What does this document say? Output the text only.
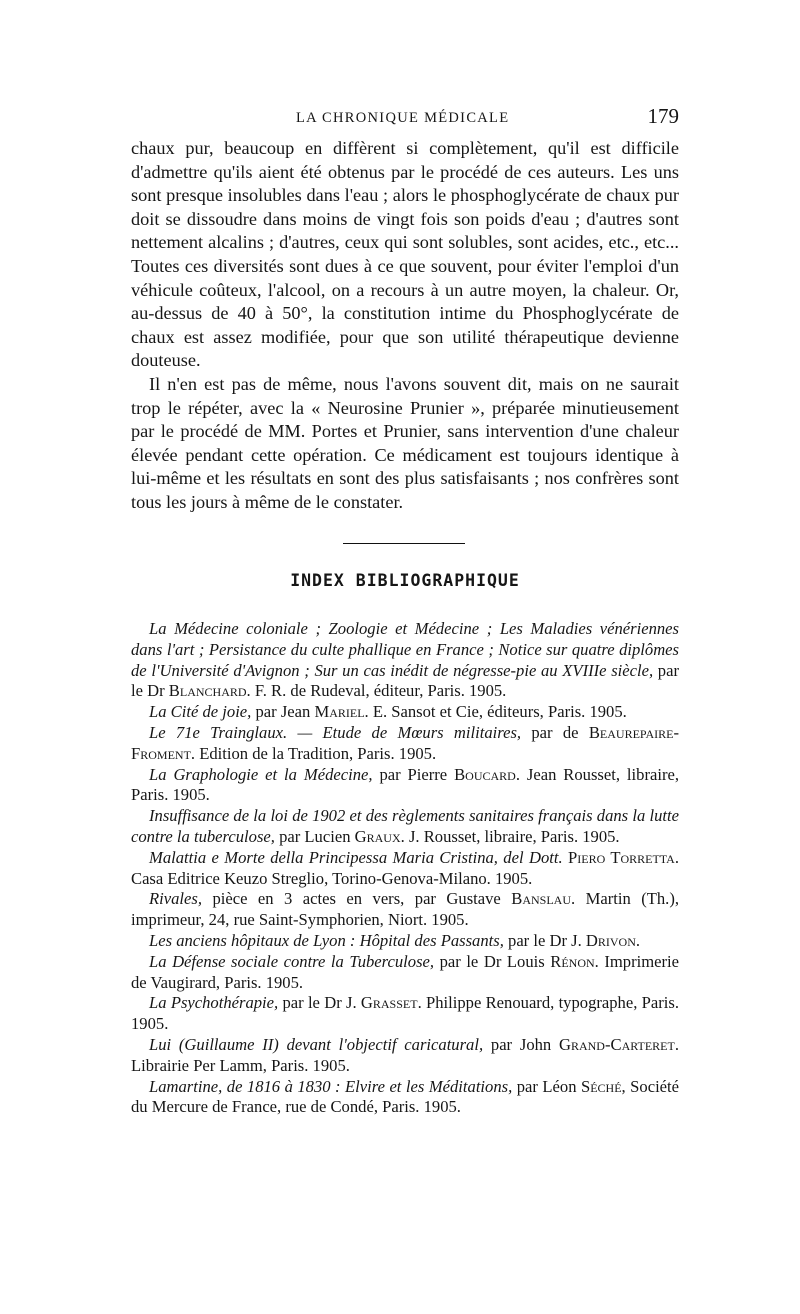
LA CHRONIQUE MÉDICALE	179

chaux pur, beaucoup en diffèrent si complètement, qu'il est difficile d'admettre qu'ils aient été obtenus par le procédé de ces auteurs. Les uns sont presque insolubles dans l'eau ; alors le phosphoglycérate de chaux pur doit se dissoudre dans moins de vingt fois son poids d'eau ; d'autres sont nettement alcalins ; d'autres, ceux qui sont solubles, sont acides, etc., etc... Toutes ces diversités sont dues à ce que souvent, pour éviter l'emploi d'un véhicule coûteux, l'alcool, on a recours à un autre moyen, la chaleur. Or, au-dessus de 40 à 50°, la constitution intime du Phosphoglycérate de chaux est assez modifiée, pour que son utilité thérapeutique devienne douteuse.

Il n'en est pas de même, nous l'avons souvent dit, mais on ne saurait trop le répéter, avec la « Neurosine Prunier », préparée minutieusement par le procédé de MM. Portes et Prunier, sans intervention d'une chaleur élevée pendant cette opération. Ce médicament est toujours identique à lui-même et les résultats en sont des plus satisfaisants ; nos confrères sont tous les jours à même de le constater.

INDEX BIBLIOGRAPHIQUE

La Médecine coloniale ; Zoologie et Médecine ; Les Maladies vénériennes dans l'art ; Persistance du culte phallique en France ; Notice sur quatre diplômes de l'Université d'Avignon ; Sur un cas inédit de négresse-pie au XVIIIe siècle, par le Dr Blanchard. F. R. de Rudeval, éditeur, Paris. 1905.

La Cité de joie, par Jean Mariel. E. Sansot et Cie, éditeurs, Paris. 1905.

Le 71e Trainglaux. — Etude de Mœurs militaires, par de Beaurepaire-Froment. Edition de la Tradition, Paris. 1905.

La Graphologie et la Médecine, par Pierre Boucard. Jean Rousset, libraire, Paris. 1905.

Insuffisance de la loi de 1902 et des règlements sanitaires français dans la lutte contre la tuberculose, par Lucien Graux. J. Rousset, libraire, Paris. 1905.

Malattia e Morte della Principessa Maria Cristina, del Dott. Piero Torretta. Casa Editrice Keuzo Streglio, Torino-Genova-Milano. 1905.

Rivales, pièce en 3 actes en vers, par Gustave Banslau. Martin (Th.), imprimeur, 24, rue Saint-Symphorien, Niort. 1905.

Les anciens hôpitaux de Lyon : Hôpital des Passants, par le Dr J. Drivon.

La Défense sociale contre la Tuberculose, par le Dr Louis Rénon. Imprimerie de Vaugirard, Paris. 1905.

La Psychothérapie, par le Dr J. Grasset. Philippe Renouard, typographe, Paris. 1905.

Lui (Guillaume II) devant l'objectif caricatural, par John Grand-Carteret. Librairie Per Lamm, Paris. 1905.

Lamartine, de 1816 à 1830 : Elvire et les Méditations, par Léon Séché, Société du Mercure de France, rue de Condé, Paris. 1905.
